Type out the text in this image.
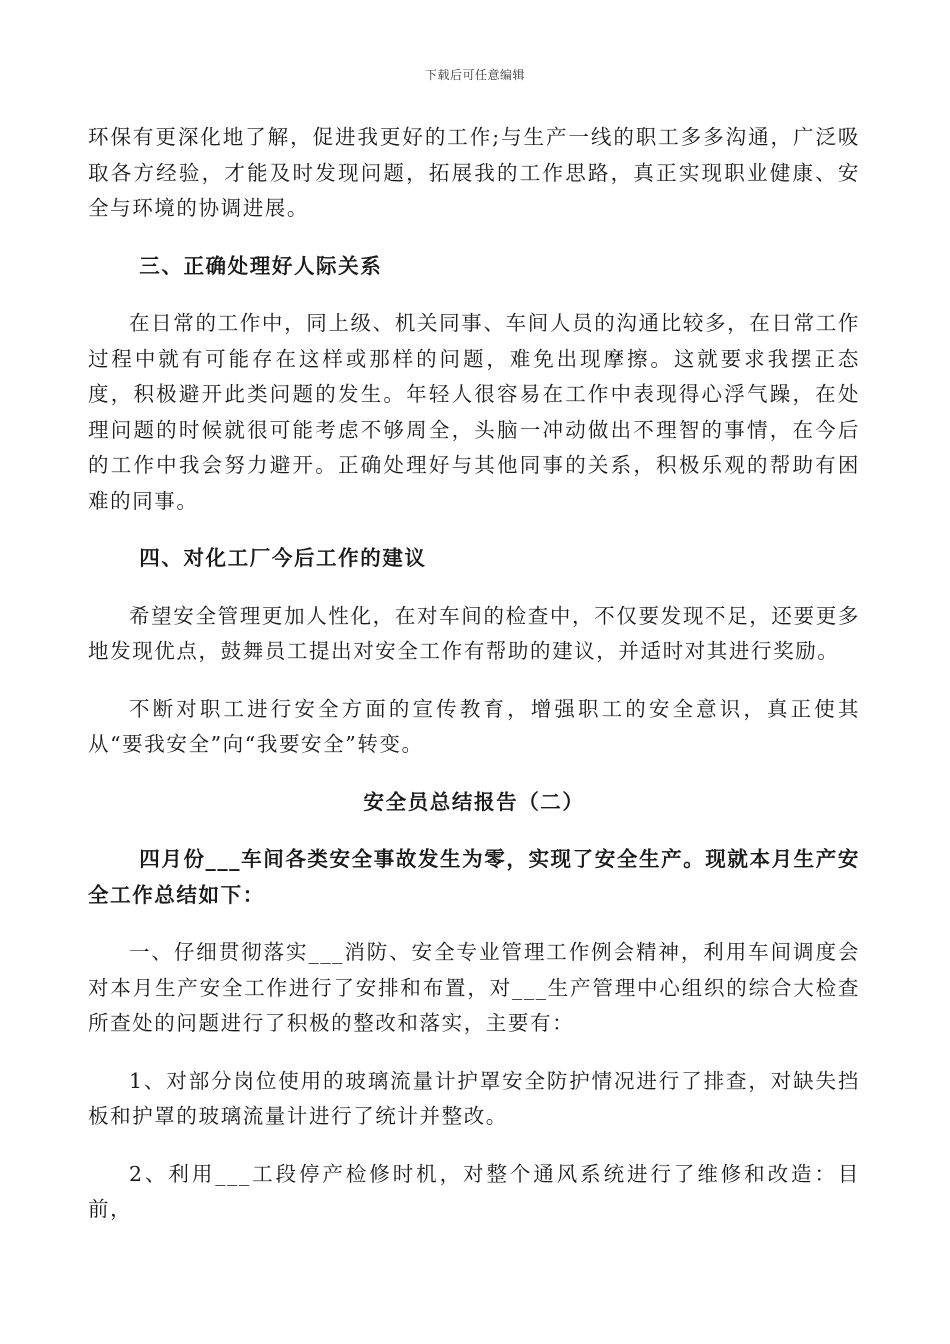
下载后可任意编辑

环保有更深化地了解，促进我更好的工作;与生产一线的职工多多沟通，广泛吸取各方经验，才能及时发现问题，拓展我的工作思路，真正实现职业健康、安全与环境的协调进展。

三、正确处理好人际关系

在日常的工作中，同上级、机关同事、车间人员的沟通比较多，在日常工作过程中就有可能存在这样或那样的问题，难免出现摩擦。这就要求我摆正态度，积极避开此类问题的发生。年轻人很容易在工作中表现得心浮气躁，在处理问题的时候就很可能考虑不够周全，头脑一冲动做出不理智的事情，在今后的工作中我会努力避开。正确处理好与其他同事的关系，积极乐观的帮助有困难的同事。

四、对化工厂今后工作的建议

希望安全管理更加人性化，在对车间的检查中，不仅要发现不足，还要更多地发现优点，鼓舞员工提出对安全工作有帮助的建议，并适时对其进行奖励。

不断对职工进行安全方面的宣传教育，增强职工的安全意识，真正使其从“要我安全”向“我要安全”转变。

安全员总结报告（二）

四月份___车间各类安全事故发生为零，实现了安全生产。现就本月生产安全工作总结如下：

一、仔细贯彻落实___消防、安全专业管理工作例会精神，利用车间调度会对本月生产安全工作进行了安排和布置，对___生产管理中心组织的综合大检查所查处的问题进行了积极的整改和落实，主要有：

1、对部分岗位使用的玻璃流量计护罩安全防护情况进行了排查，对缺失挡板和护罩的玻璃流量计进行了统计并整改。

2、利用___工段停产检修时机，对整个通风系统进行了维修和改造：目前，
